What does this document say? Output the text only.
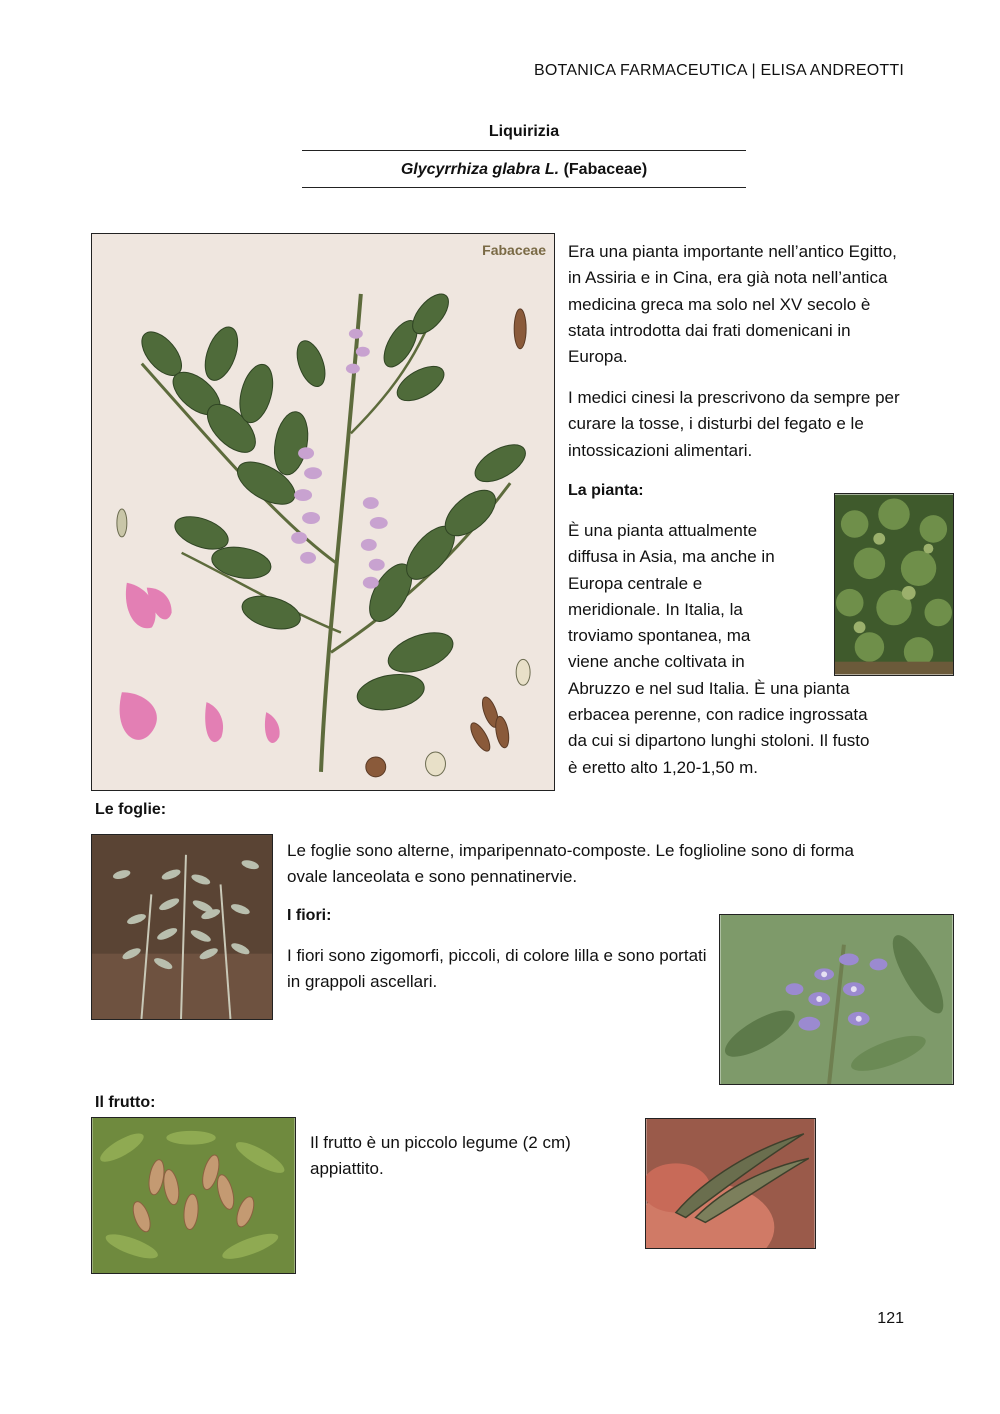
BOTANICA FARMACEUTICA | ELISA ANDREOTTI
Liquirizia
Glycyrrhiza glabra L. (Fabaceae)
Fabaceae Era una pianta importante nell’antico Egitto, in Assiria e in Cina, era già nota nell’antica medicina greca ma solo nel XV secolo è stata introdotta dai frati domenicani in Europa.
I medici cinesi la prescrivono da sempre per curare la tosse, i disturbi del fegato e le intossicazioni alimentari.
La pianta:
È una pianta attualmente
diffusa in Asia, ma anche in
Europa centrale e
meridionale. In Italia, la
troviamo spontanea, ma
viene anche coltivata in
Abruzzo e nel sud Italia. È una pianta
erbacea perenne, con radice ingrossata
da cui si dipartono lunghi stoloni. Il fusto
è eretto alto 1,20-1,50 m.
Le foglie:
Le foglie sono alterne, imparipennato-composte. Le foglioline sono di forma ovale lanceolata e sono pennatinervie.
I fiori:
I fiori sono zigomorfi, piccoli, di colore lilla e sono portati in grappoli ascellari.
Il frutto:
Il frutto è un piccolo legume (2 cm) appiattito.
121
